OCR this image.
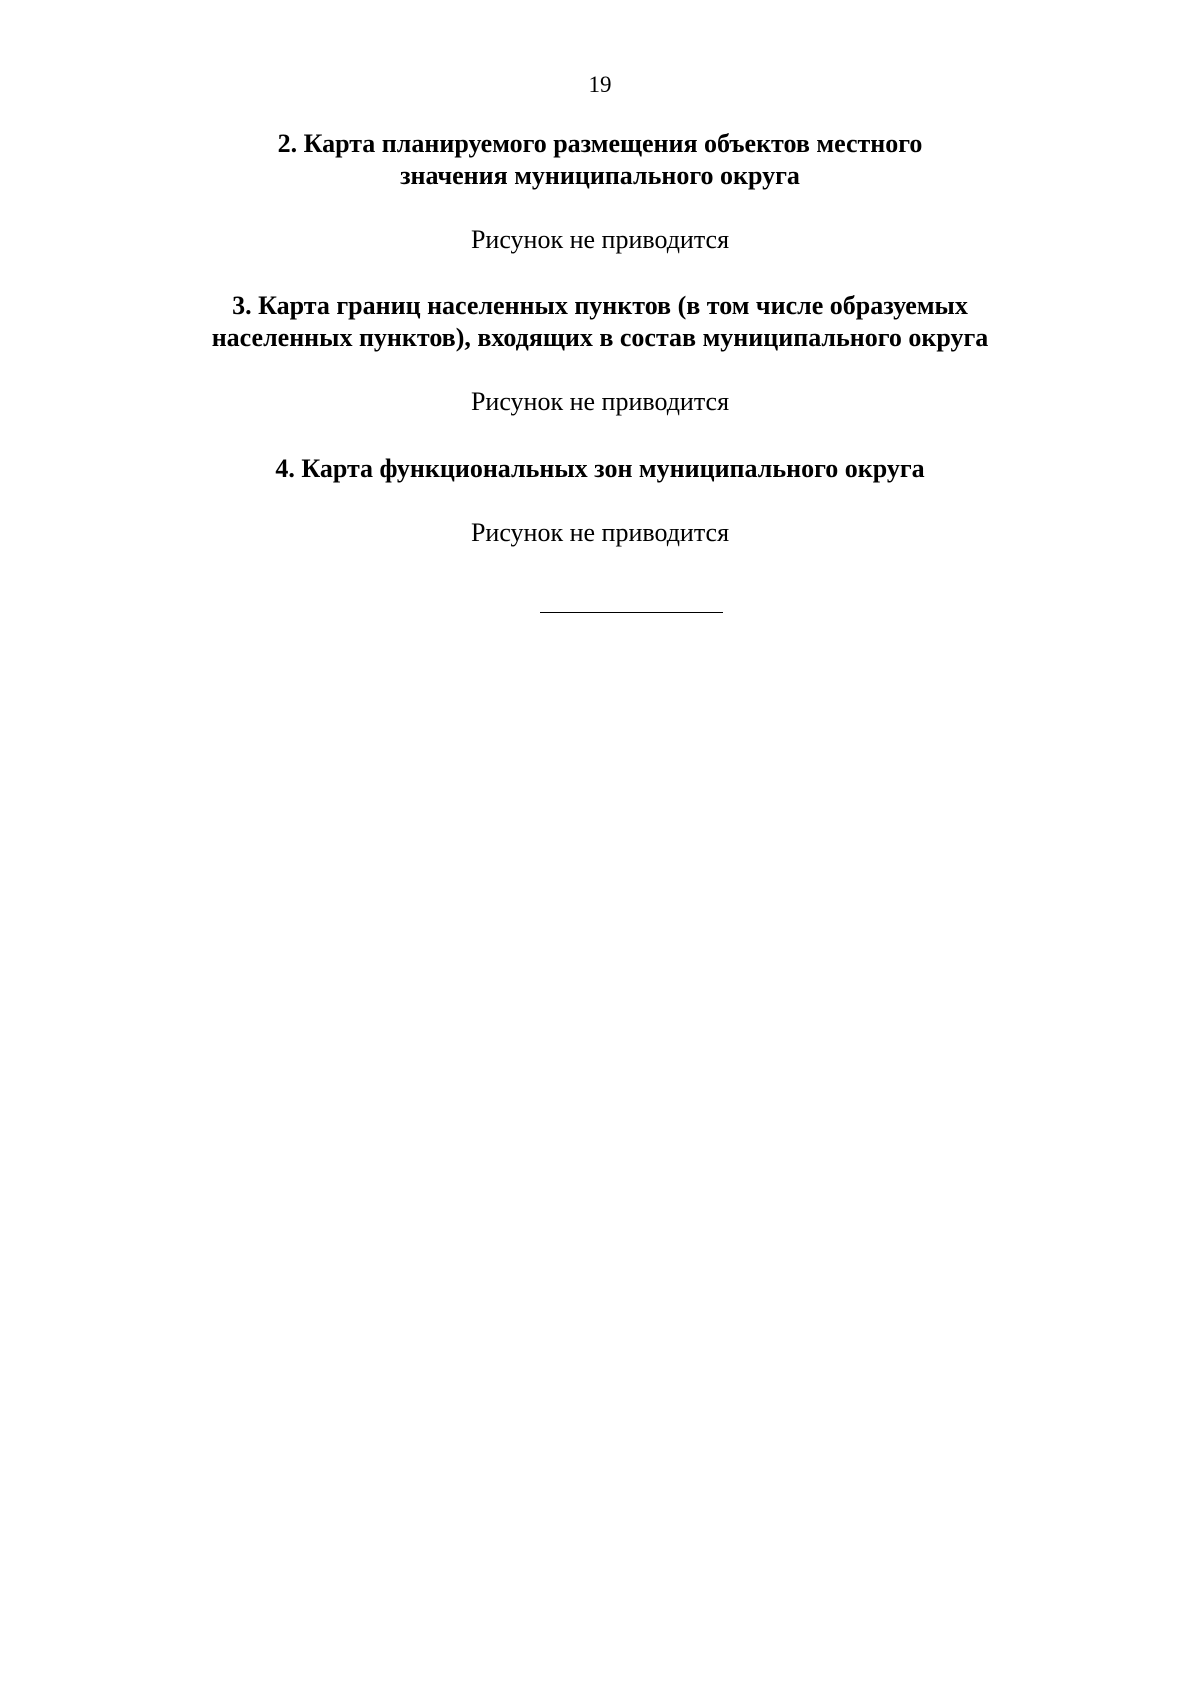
19
2. Карта планируемого размещения объектов местного
значения муниципального округа

Рисунок не приводится

3. Карта границ населенных пунктов (в том числе образуемых
населенных пунктов), входящих в состав муниципального округа

Рисунок не приводится

4. Карта функциональных зон муниципального округа

Рисунок не приводится
